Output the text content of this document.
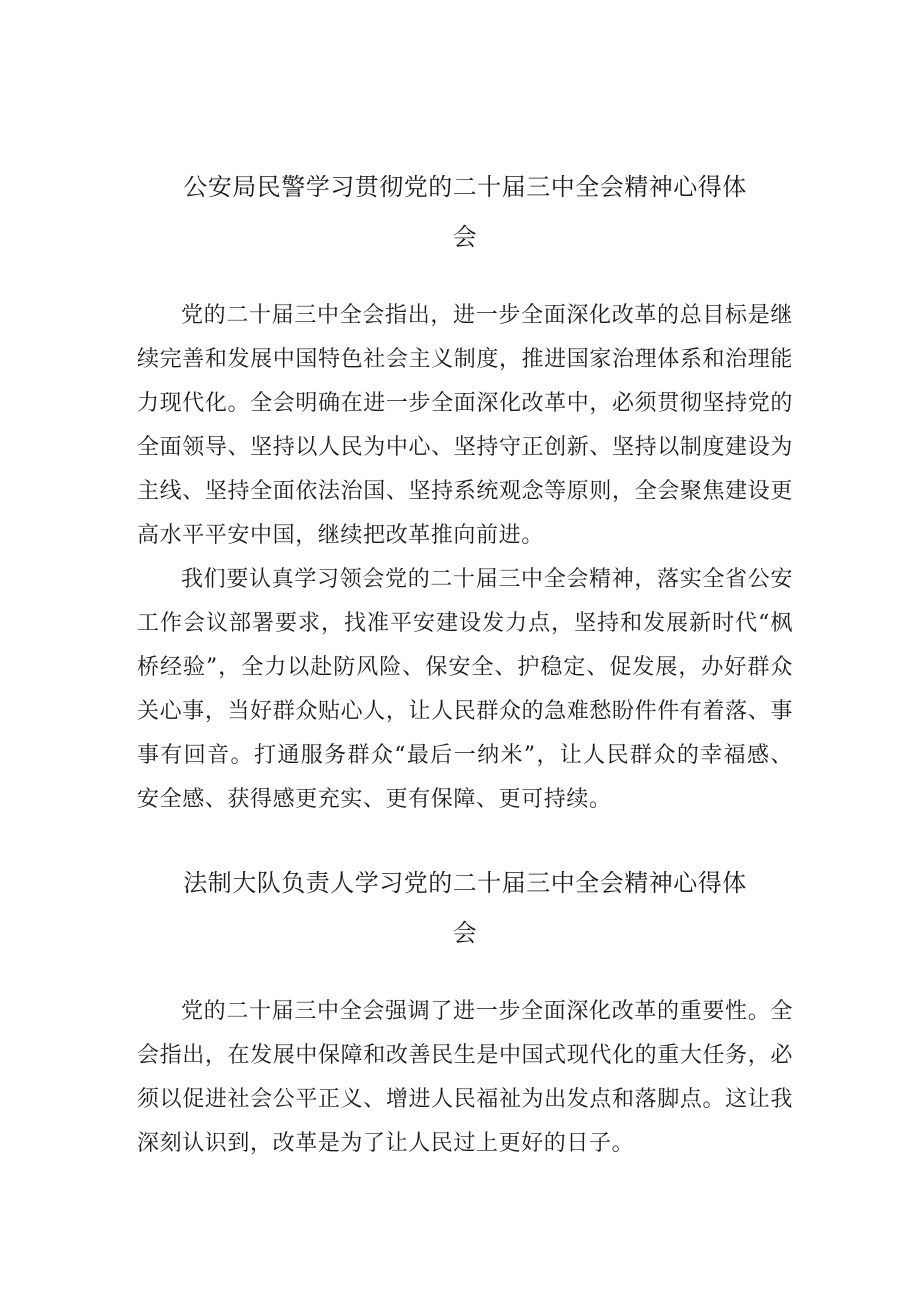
公安局民警学习贯彻党的二十届三中全会精神心得体
会

党的二十届三中全会指出，进一步全面深化改革的总目标是继续完善和发展中国特色社会主义制度，推进国家治理体系和治理能力现代化。全会明确在进一步全面深化改革中，必须贯彻坚持党的全面领导、坚持以人民为中心、坚持守正创新、坚持以制度建设为主线、坚持全面依法治国、坚持系统观念等原则，全会聚焦建设更高水平平安中国，继续把改革推向前进。

我们要认真学习领会党的二十届三中全会精神，落实全省公安工作会议部署要求，找准平安建设发力点，坚持和发展新时代“枫桥经验”，全力以赴防风险、保安全、护稳定、促发展，办好群众关心事，当好群众贴心人，让人民群众的急难愁盼件件有着落、事事有回音。打通服务群众“最后一纳米”，让人民群众的幸福感、安全感、获得感更充实、更有保障、更可持续。

法制大队负责人学习党的二十届三中全会精神心得体
会

党的二十届三中全会强调了进一步全面深化改革的重要性。全会指出，在发展中保障和改善民生是中国式现代化的重大任务，必须以促进社会公平正义、增进人民福祉为出发点和落脚点。这让我深刻认识到，改革是为了让人民过上更好的日子。
